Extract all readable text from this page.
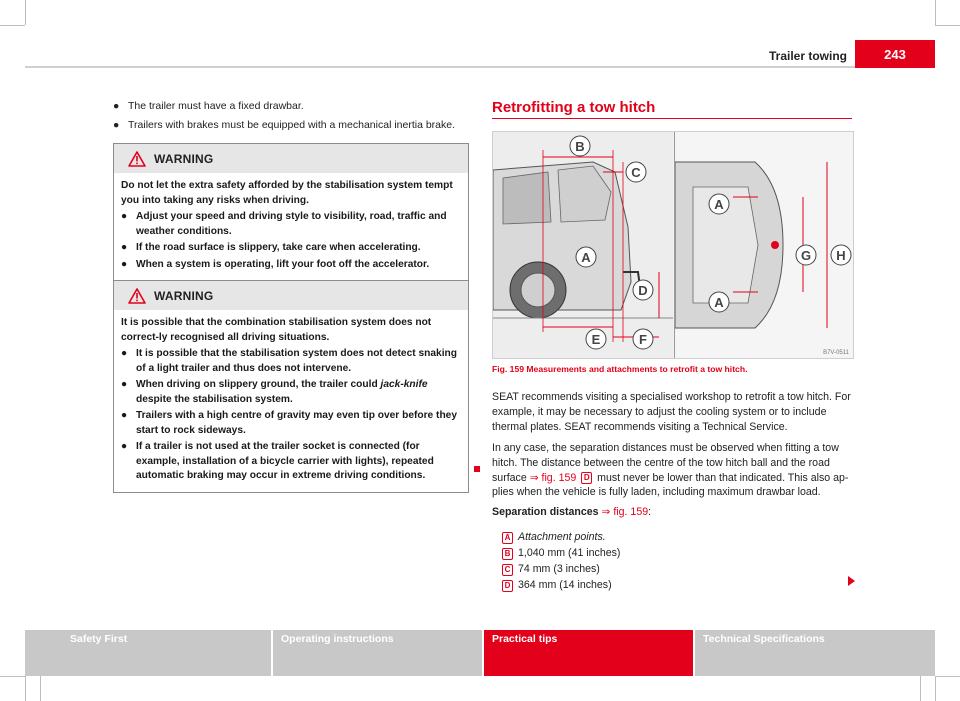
Trailer towing	243
● The trailer must have a fixed drawbar.
● Trailers with brakes must be equipped with a mechanical inertia brake.
WARNING

Do not let the extra safety afforded by the stabilisation system tempt you into taking any risks when driving.

● Adjust your speed and driving style to visibility, road, traffic and weather conditions.

● If the road surface is slippery, take care when accelerating.

● When a system is operating, lift your foot off the accelerator.

WARNING

It is possible that the combination stabilisation system does not correct-ly recognised all driving situations.

● It is possible that the stabilisation system does not detect snaking of a light trailer and thus does not intervene.

● When driving on slippery ground, the trailer could jack-knife despite the stabilisation system.

● Trailers with a high centre of gravity may even tip over before they start to rock sideways.

● If a trailer is not used at the trailer socket is connected (for example, installation of a bicycle carrier with lights), repeated automatic braking may occur in extreme driving conditions.

Retrofitting a tow hitch
B
C
A
D
E	F
A
A
G H
B7V-0511
Fig. 159 Measurements and attachments to retrofit a tow hitch.

SEAT recommends visiting a specialised workshop to retrofit a tow hitch. For example, it may be necessary to adjust the cooling system or to include thermal plates. SEAT recommends visiting a Technical Service.

In any case, the separation distances must be observed when fitting a tow hitch. The distance between the centre of the tow hitch ball and the road surface ⇒ fig. 159 D must never be lower than that indicated. This also ap-plies when the vehicle is fully laden, including maximum drawbar load.

Separation distances ⇒ fig. 159:

A Attachment points.
B 1,040 mm (41 inches)
C 74 mm (3 inches)
D 364 mm (14 inches)
Safety First	Operating instructions	Practical tips	Technical Specifications
